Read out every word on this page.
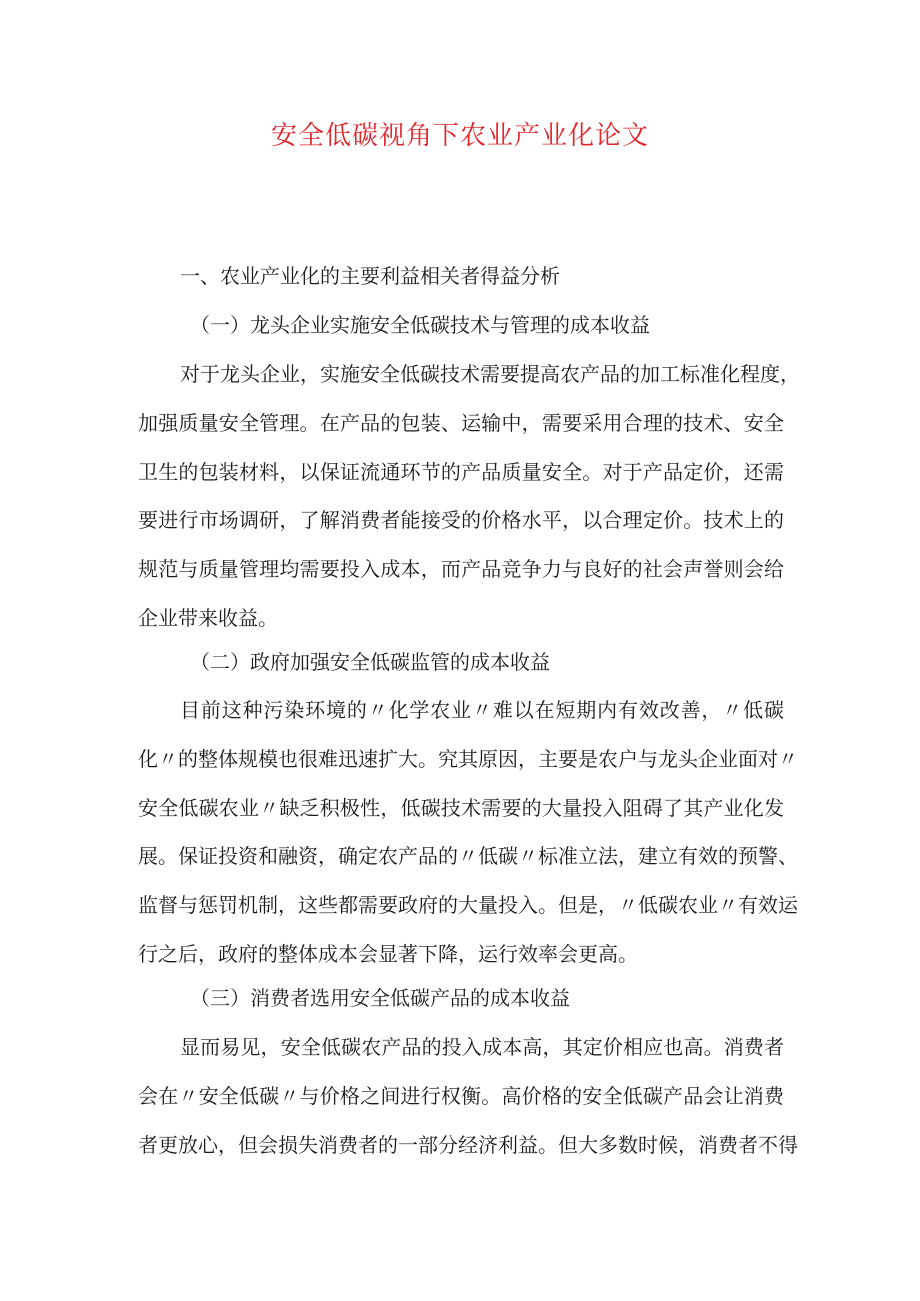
安全低碳视角下农业产业化论文

一、农业产业化的主要利益相关者得益分析

（一）龙头企业实施安全低碳技术与管理的成本收益

对于龙头企业，实施安全低碳技术需要提高农产品的加工标准化程度，
加强质量安全管理。在产品的包装、运输中，需要采用合理的技术、安全
卫生的包装材料，以保证流通环节的产品质量安全。对于产品定价，还需
要进行市场调研，了解消费者能接受的价格水平，以合理定价。技术上的
规范与质量管理均需要投入成本，而产品竞争力与良好的社会声誉则会给
企业带来收益。

（二）政府加强安全低碳监管的成本收益

目前这种污染环境的〃化学农业〃难以在短期内有效改善，〃低碳
化〃的整体规模也很难迅速扩大。究其原因，主要是农户与龙头企业面对〃
安全低碳农业〃缺乏积极性，低碳技术需要的大量投入阻碍了其产业化发
展。保证投资和融资，确定农产品的〃低碳〃标准立法，建立有效的预警、
监督与惩罚机制，这些都需要政府的大量投入。但是，〃低碳农业〃有效运
行之后，政府的整体成本会显著下降，运行效率会更高。

（三）消费者选用安全低碳产品的成本收益

显而易见，安全低碳农产品的投入成本高，其定价相应也高。消费者
会在〃安全低碳〃与价格之间进行权衡。高价格的安全低碳产品会让消费
者更放心，但会损失消费者的一部分经济利益。但大多数时候，消费者不得
